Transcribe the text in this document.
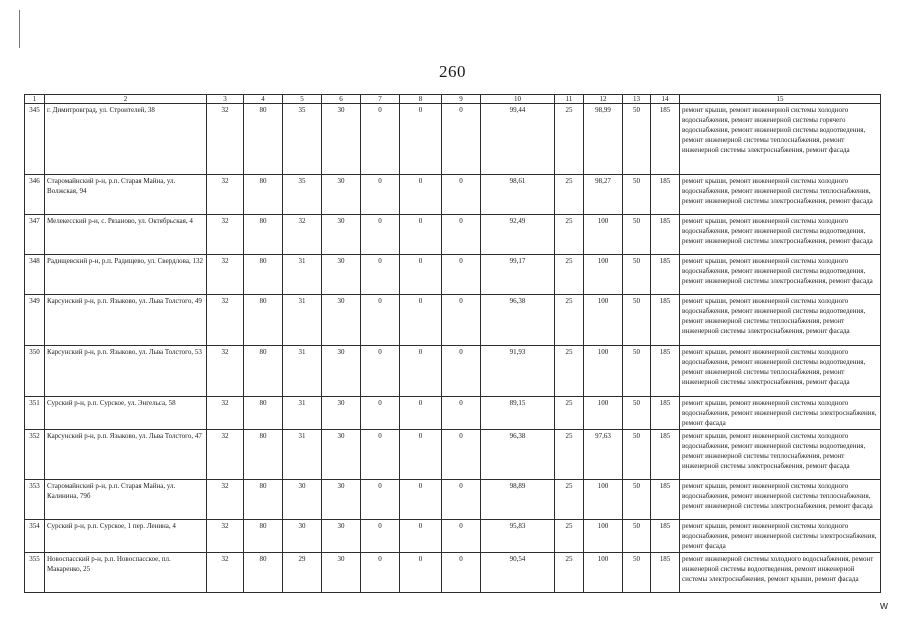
260
1	2	3	4	5	6	7	8	9	10	11	12	13	14	15
345	г. Димитровград, ул. Строителей, 38	32	80	35	30	0	0	0	99,44	25	98,99	50	185	ремонт крыши, ремонт инженерной системы холодного водоснабжения, ремонт инженерной системы горячего водоснабжения, ремонт инженерной системы водоотведения, ремонт инженерной системы теплоснабжения, ремонт инженерной системы электроснабжения, ремонт фасада
346	Старомайнский р-н, р.п. Старая Майна, ул. Волжская, 94	32	80	35	30	0	0	0	98,61	25	98,27	50	185	ремонт крыши, ремонт инженерной системы холодного водоснабжения, ремонт инженерной системы теплоснабжения, ремонт инженерной системы электроснабжения, ремонт фасада
347	Мелекесский р-н, с. Рязаново, ул. Октябрьская, 4	32	80	32	30	0	0	0	92,49	25	100	50	185	ремонт крыши, ремонт инженерной системы холодного водоснабжения, ремонт инженерной системы водоотведения, ремонт инженерной системы электроснабжения, ремонт фасада
348	Радищевский р-н, р.п. Радищево, ул. Свердлова, 132	32	80	31	30	0	0	0	99,17	25	100	50	185	ремонт крыши, ремонт инженерной системы холодного водоснабжения, ремонт инженерной системы водоотведения, ремонт инженерной системы электроснабжения, ремонт фасада
349	Карсунский р-н, р.п. Языково, ул. Льва Толстого, 49	32	80	31	30	0	0	0	96,38	25	100	50	185	ремонт крыши, ремонт инженерной системы холодного водоснабжения, ремонт инженерной системы водоотведения, ремонт инженерной системы теплоснабжения, ремонт инженерной системы электроснабжения, ремонт фасада
350	Карсунский р-н, р.п. Языково, ул. Льва Толстого, 53	32	80	31	30	0	0	0	91,93	25	100	50	185	ремонт крыши, ремонт инженерной системы холодного водоснабжения, ремонт инженерной системы водоотведения, ремонт инженерной системы теплоснабжения, ремонт инженерной системы электроснабжения, ремонт фасада
351	Сурский р-н, р.п. Сурское, ул. Энгельса, 58	32	80	31	30	0	0	0	89,15	25	100	50	185	ремонт крыши, ремонт инженерной системы холодного водоснабжения, ремонт инженерной системы электроснабжения, ремонт фасада
352	Карсунский р-н, р.п. Языково, ул. Льва Толстого, 47	32	80	31	30	0	0	0	96,38	25	97,63	50	185	ремонт крыши, ремонт инженерной системы холодного водоснабжения, ремонт инженерной системы водоотведения, ремонт инженерной системы теплоснабжения, ремонт инженерной системы электроснабжения, ремонт фасада
353	Старомайнский р-н, р.п. Старая Майна, ул. Калинина, 79б	32	80	30	30	0	0	0	98,89	25	100	50	185	ремонт крыши, ремонт инженерной системы холодного водоснабжения, ремонт инженерной системы теплоснабжения, ремонт инженерной системы электроснабжения, ремонт фасада
354	Сурский р-н, р.п. Сурское, 1 пер. Ленина, 4	32	80	30	30	0	0	0	95,83	25	100	50	185	ремонт крыши, ремонт инженерной системы холодного водоснабжения, ремонт инженерной системы электроснабжения, ремонт фасада
355	Новоспасский р-н, р.п. Новоспасское, пл. Макаренко, 25	32	80	29	30	0	0	0	90,54	25	100	50	185	ремонт инженерной системы холодного водоснабжения, ремонт инженерной системы водоотведения, ремонт инженерной системы электроснабжения, ремонт крыши, ремонт фасада
ԝ
